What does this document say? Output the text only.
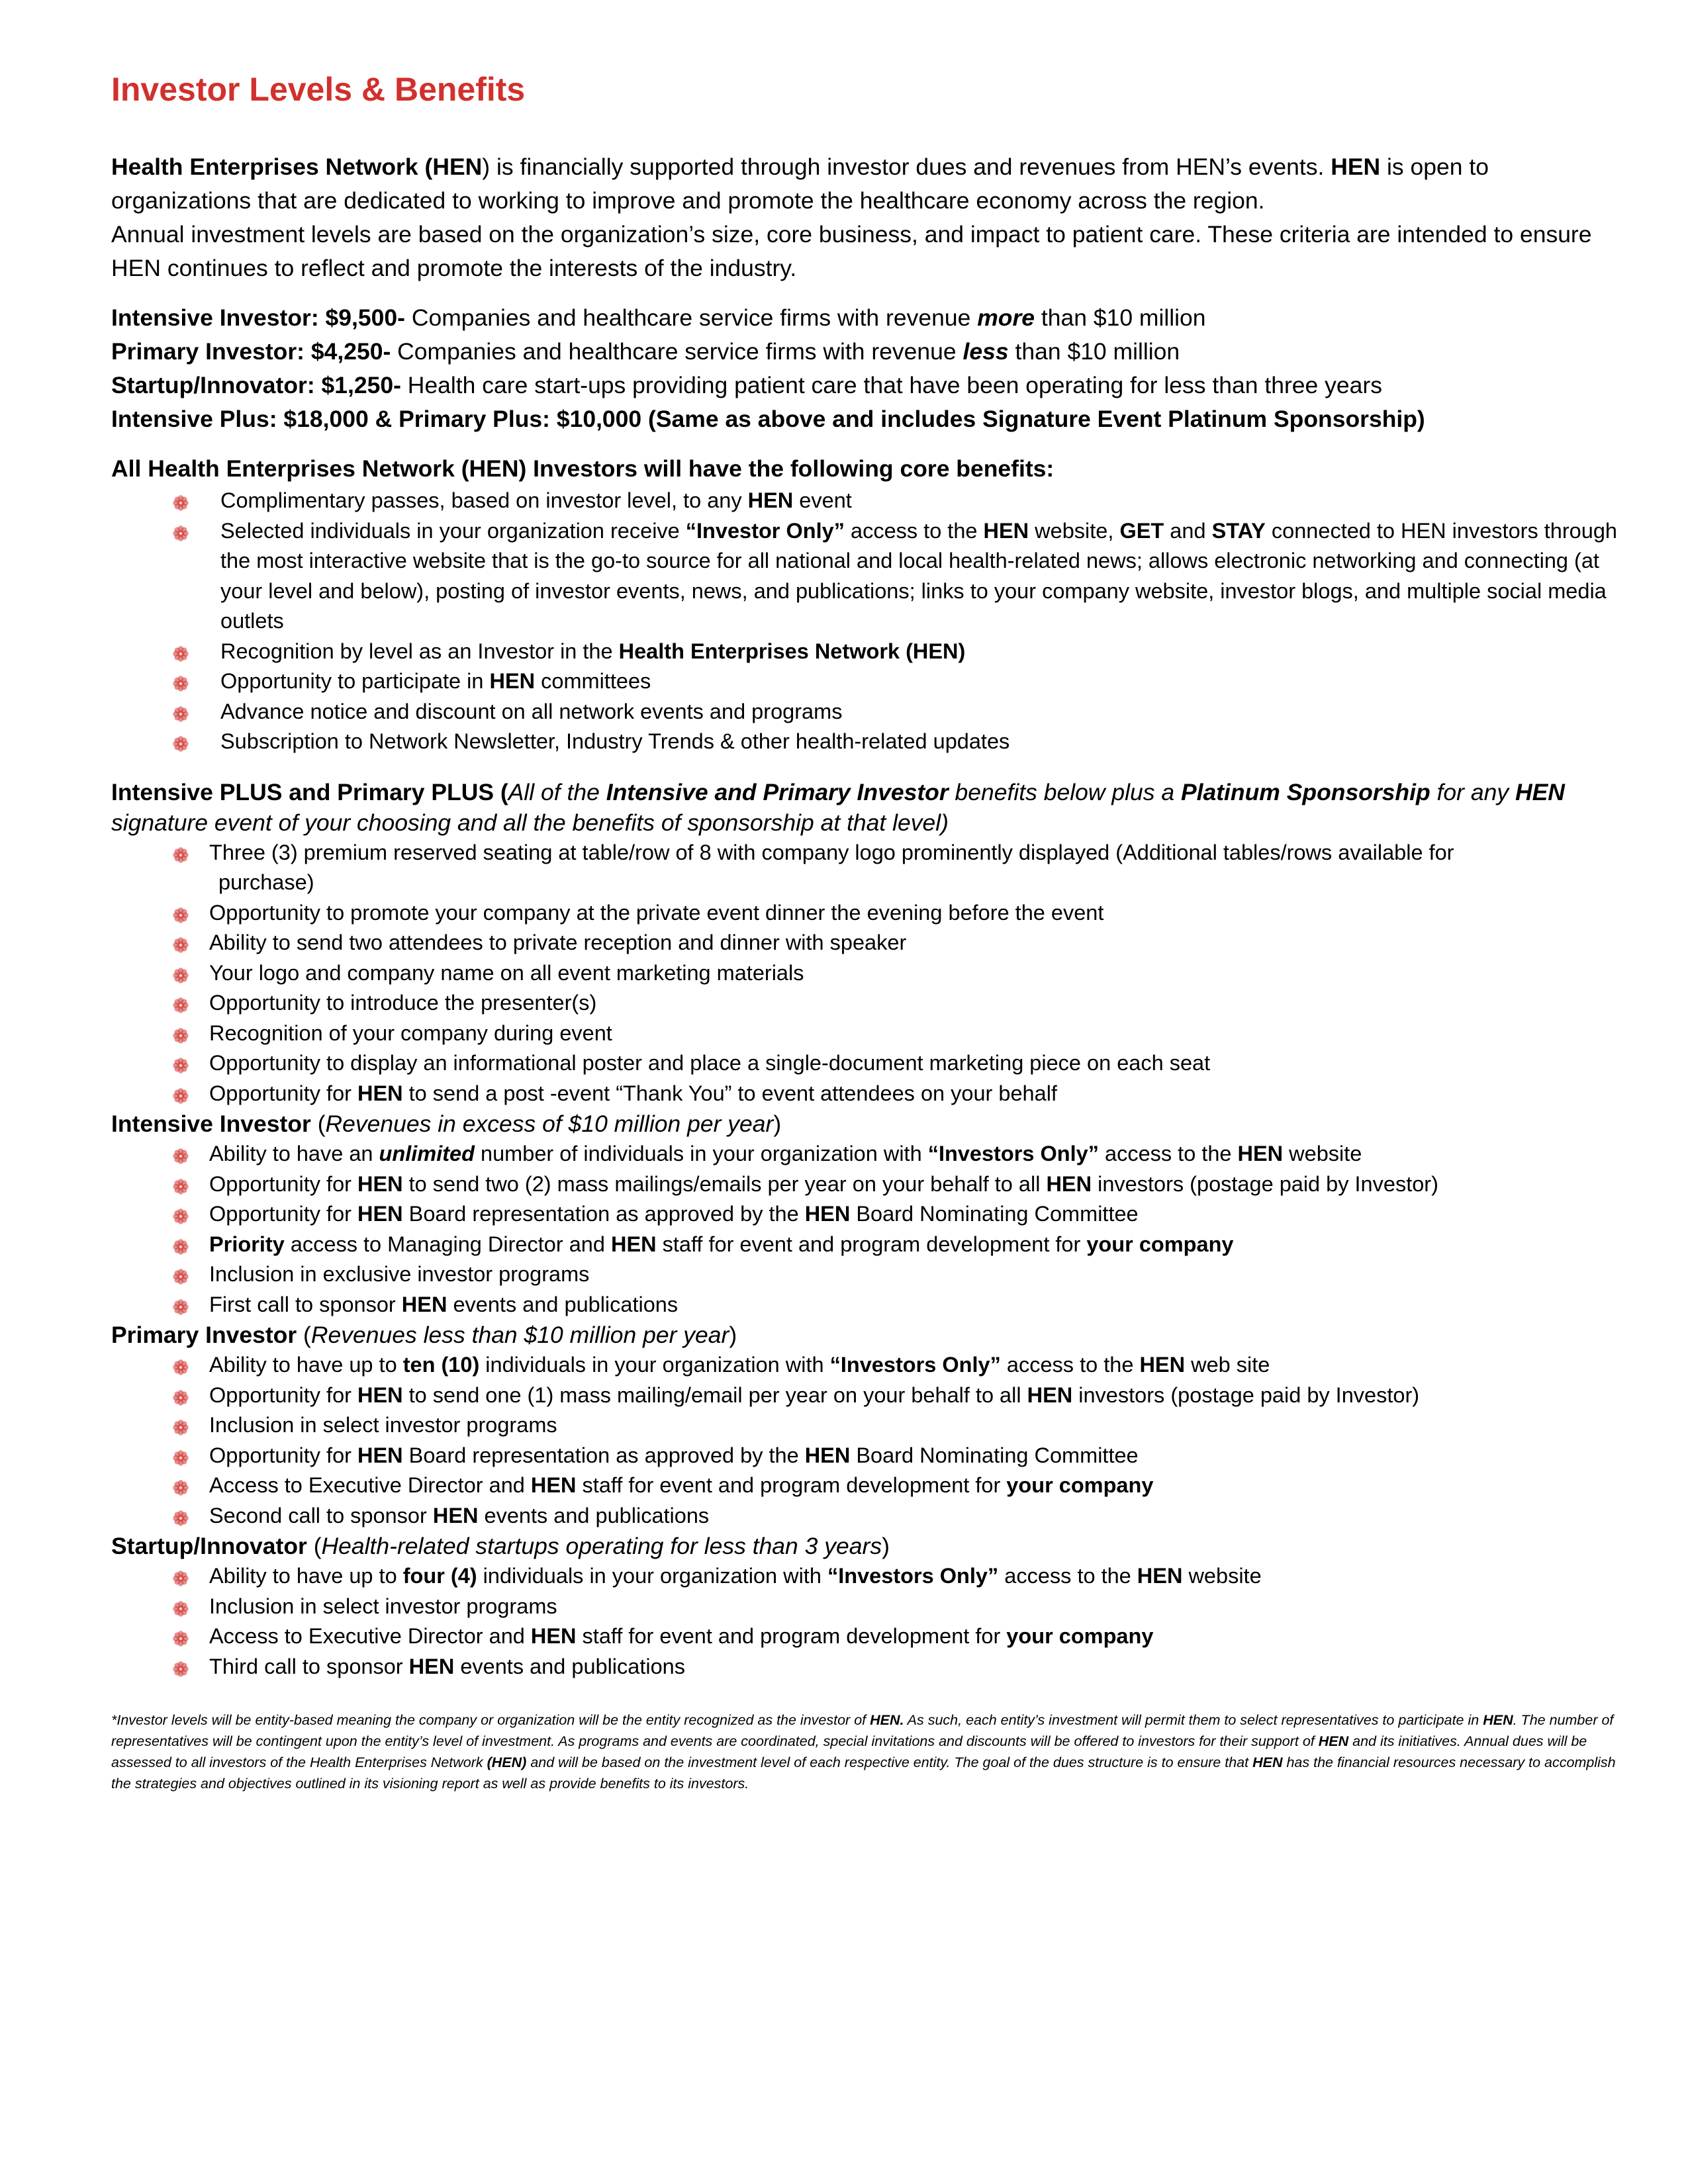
Investor Levels & Benefits
Health Enterprises Network (HEN) is financially supported through investor dues and revenues from HEN’s events. HEN is open to organizations that are dedicated to working to improve and promote the healthcare economy across the region.
Annual investment levels are based on the organization’s size, core business, and impact to patient care. These criteria are intended to ensure HEN continues to reflect and promote the interests of the industry.
Intensive Investor: $9,500- Companies and healthcare service firms with revenue more than $10 million
Primary Investor: $4,250- Companies and healthcare service firms with revenue less than $10 million
Startup/Innovator: $1,250- Health care start-ups providing patient care that have been operating for less than three years
Intensive Plus: $18,000 & Primary Plus: $10,000 (Same as above and includes Signature Event Platinum Sponsorship)
All Health Enterprises Network (HEN) Investors will have the following core benefits:
Complimentary passes, based on investor level, to any HEN event
Selected individuals in your organization receive “Investor Only” access to the HEN website, GET and STAY connected to HEN investors through the most interactive website that is the go-to source for all national and local health-related news; allows electronic networking and connecting (at your level and below), posting of investor events, news, and publications; links to your company website, investor blogs, and multiple social media outlets
Recognition by level as an Investor in the Health Enterprises Network (HEN)
Opportunity to participate in HEN committees
Advance notice and discount on all network events and programs
Subscription to Network Newsletter, Industry Trends & other health-related updates
Intensive PLUS and Primary PLUS (All of the Intensive and Primary Investor benefits below plus a Platinum Sponsorship for any HEN signature event of your choosing and all the benefits of sponsorship at that level)
Three (3) premium reserved seating at table/row of 8 with company logo prominently displayed (Additional tables/rows available for
purchase)
Opportunity to promote your company at the private event dinner the evening before the event
Ability to send two attendees to private reception and dinner with speaker
Your logo and company name on all event marketing materials
Opportunity to introduce the presenter(s)
Recognition of your company during event
Opportunity to display an informational poster and place a single-document marketing piece on each seat
Opportunity for HEN to send a post -event “Thank You” to event attendees on your behalf
Intensive Investor (Revenues in excess of $10 million per year)
Ability to have an unlimited number of individuals in your organization with “Investors Only” access to the HEN website
Opportunity for HEN to send two (2) mass mailings/emails per year on your behalf to all HEN investors (postage paid by Investor)
Opportunity for HEN Board representation as approved by the HEN Board Nominating Committee
Priority access to Managing Director and HEN staff for event and program development for your company
Inclusion in exclusive investor programs
First call to sponsor HEN events and publications
Primary Investor (Revenues less than $10 million per year)
Ability to have up to ten (10) individuals in your organization with “Investors Only” access to the HEN web site
Opportunity for HEN to send one (1) mass mailing/email per year on your behalf to all HEN investors (postage paid by Investor)
Inclusion in select investor programs
Opportunity for HEN Board representation as approved by the HEN Board Nominating Committee
Access to Executive Director and HEN staff for event and program development for your company
Second call to sponsor HEN events and publications
Startup/Innovator (Health-related startups operating for less than 3 years)
Ability to have up to four (4) individuals in your organization with “Investors Only” access to the HEN website
Inclusion in select investor programs
Access to Executive Director and HEN staff for event and program development for your company
Third call to sponsor HEN events and publications
*Investor levels will be entity-based meaning the company or organization will be the entity recognized as the investor of HEN. As such, each entity’s investment will permit them to select representatives to participate in HEN. The number of representatives will be contingent upon the entity’s level of investment. As programs and events are coordinated, special invitations and discounts will be offered to investors for their support of HEN and its initiatives. Annual dues will be assessed to all investors of the Health Enterprises Network (HEN) and will be based on the investment level of each respective entity. The goal of the dues structure is to ensure that HEN has the financial resources necessary to accomplish the strategies and objectives outlined in its visioning report as well as provide benefits to its investors.
